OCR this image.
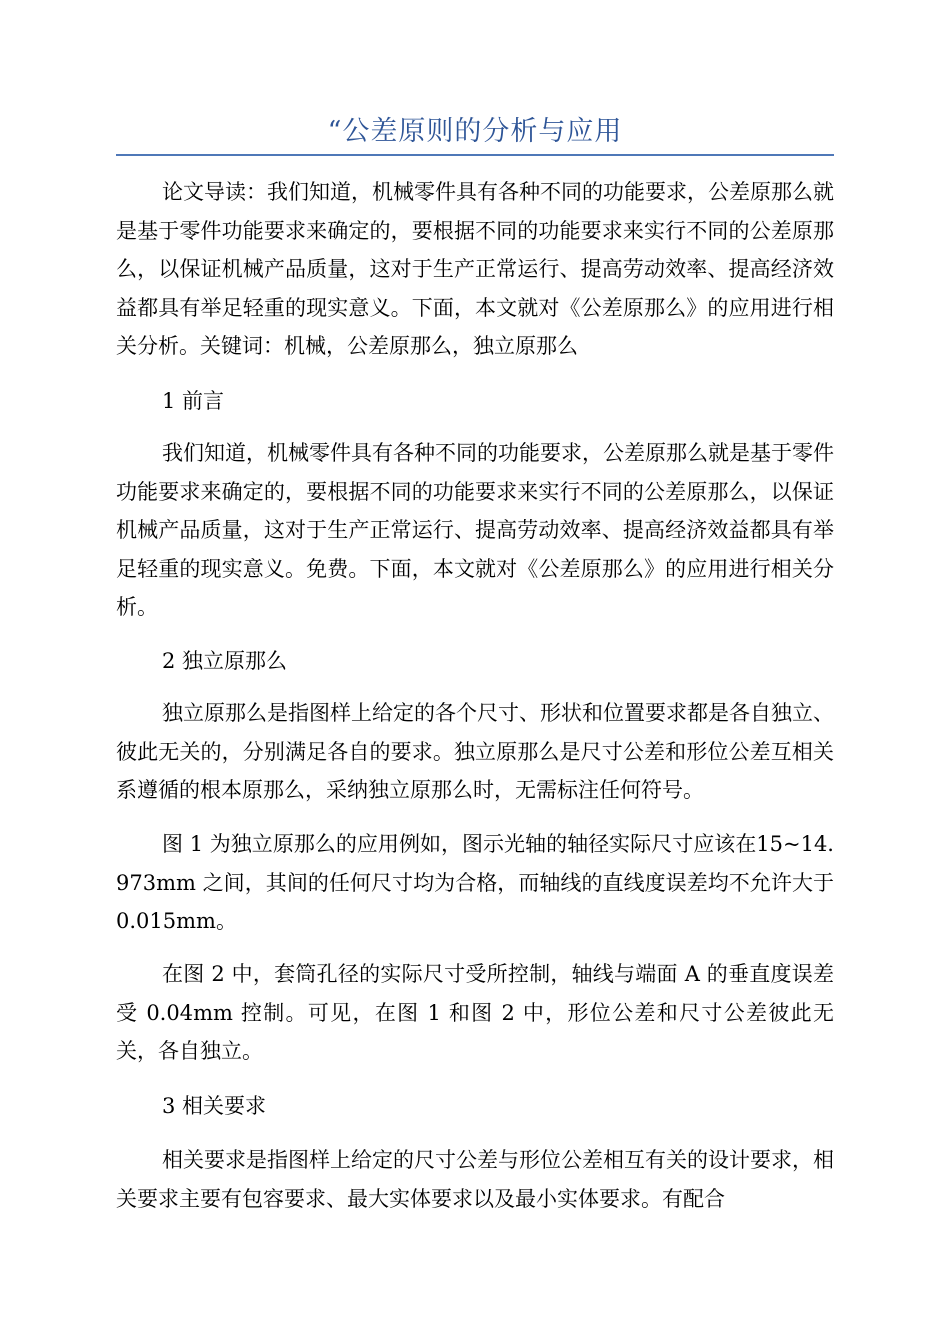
“公差原则的分析与应用

论文导读：我们知道，机械零件具有各种不同的功能要求，公差原那么就是基于零件功能要求来确定的，要根据不同的功能要求来实行不同的公差原那么，以保证机械产品质量，这对于生产正常运行、提高劳动效率、提高经济效益都具有举足轻重的现实意义。下面，本文就对《公差原那么》的应用进行相关分析。关键词：机械，公差原那么，独立原那么

1 前言

我们知道，机械零件具有各种不同的功能要求，公差原那么就是基于零件功能要求来确定的，要根据不同的功能要求来实行不同的公差原那么，以保证机械产品质量，这对于生产正常运行、提高劳动效率、提高经济效益都具有举足轻重的现实意义。免费。下面，本文就对《公差原那么》的应用进行相关分析。

2 独立原那么

独立原那么是指图样上给定的各个尺寸、形状和位置要求都是各自独立、彼此无关的，分别满足各自的要求。独立原那么是尺寸公差和形位公差互相关系遵循的根本原那么，采纳独立原那么时，无需标注任何符号。

图 1 为独立原那么的应用例如，图示光轴的轴径实际尺寸应该在15~14.973mm 之间，其间的任何尺寸均为合格，而轴线的直线度误差均不允许大于 0.015mm。

在图 2 中，套筒孔径的实际尺寸受所控制，轴线与端面 A 的垂直度误差受 0.04mm 控制。可见，在图 1 和图 2 中，形位公差和尺寸公差彼此无关，各自独立。

3 相关要求

相关要求是指图样上给定的尺寸公差与形位公差相互有关的设计要求，相关要求主要有包容要求、最大实体要求以及最小实体要求。有配合
